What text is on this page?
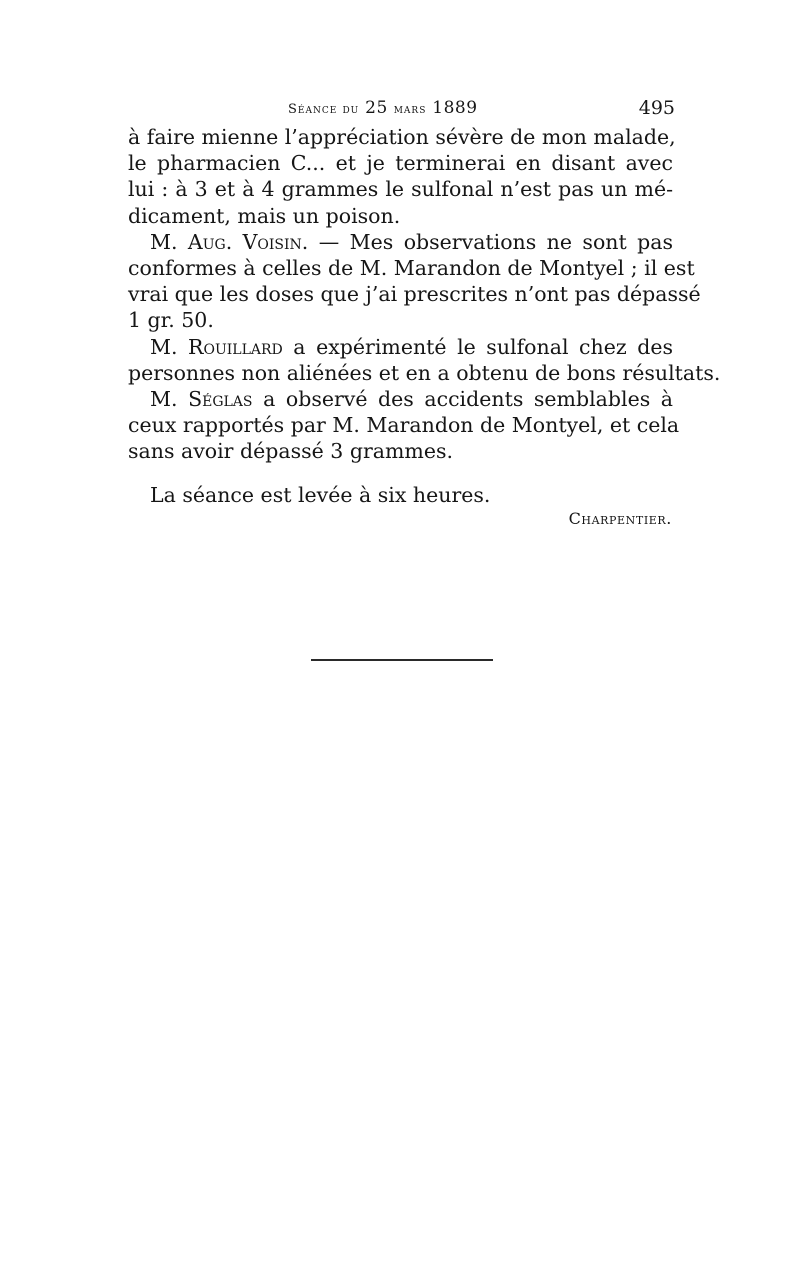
Séance du 25 mars 1889	495
à faire mienne l’appréciation sévère de mon malade,
le pharmacien C... et je terminerai en disant avec
lui : à 3 et à 4 grammes le sulfonal n’est pas un mé-
dicament, mais un poison.
M. Aug. Voisin. — Mes observations ne sont pas
conformes à celles de M. Marandon de Montyel ; il est
vrai que les doses que j’ai prescrites n’ont pas dépassé
1 gr. 50.
M. Rouillard a expérimenté le sulfonal chez des
personnes non aliénées et en a obtenu de bons résultats.
M. Séglas a observé des accidents semblables à
ceux rapportés par M. Marandon de Montyel, et cela
sans avoir dépassé 3 grammes.
La séance est levée à six heures.
Charpentier.
